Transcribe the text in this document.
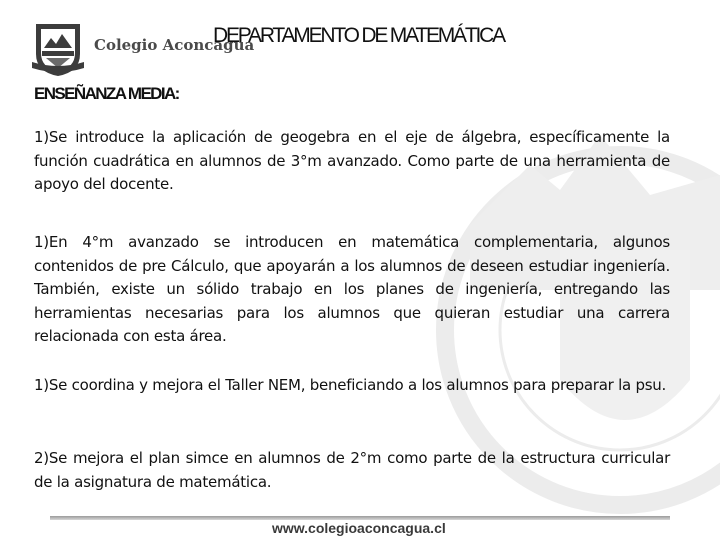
Colegio Aconcagua
DEPARTAMENTO DE MATEMÁTICA
ENSEÑANZA MEDIA:

1)Se introduce la aplicación de geogebra en el eje de álgebra, específicamente la función cuadrática en alumnos de 3°m avanzado. Como parte de una herramienta de apoyo del docente.

1)En 4°m avanzado se introducen en matemática complementaria, algunos contenidos de pre Cálculo, que apoyarán a los alumnos de deseen estudiar ingeniería. También, existe un sólido trabajo en los planes de ingeniería, entregando las herramientas necesarias para los alumnos que quieran estudiar una carrera relacionada con esta área.

1)Se coordina y mejora el Taller NEM, beneficiando a los alumnos para preparar la psu.

2)Se mejora el plan simce en alumnos de 2°m como parte de la estructura curricular de la asignatura de matemática.

www.colegioaconcagua.cl
